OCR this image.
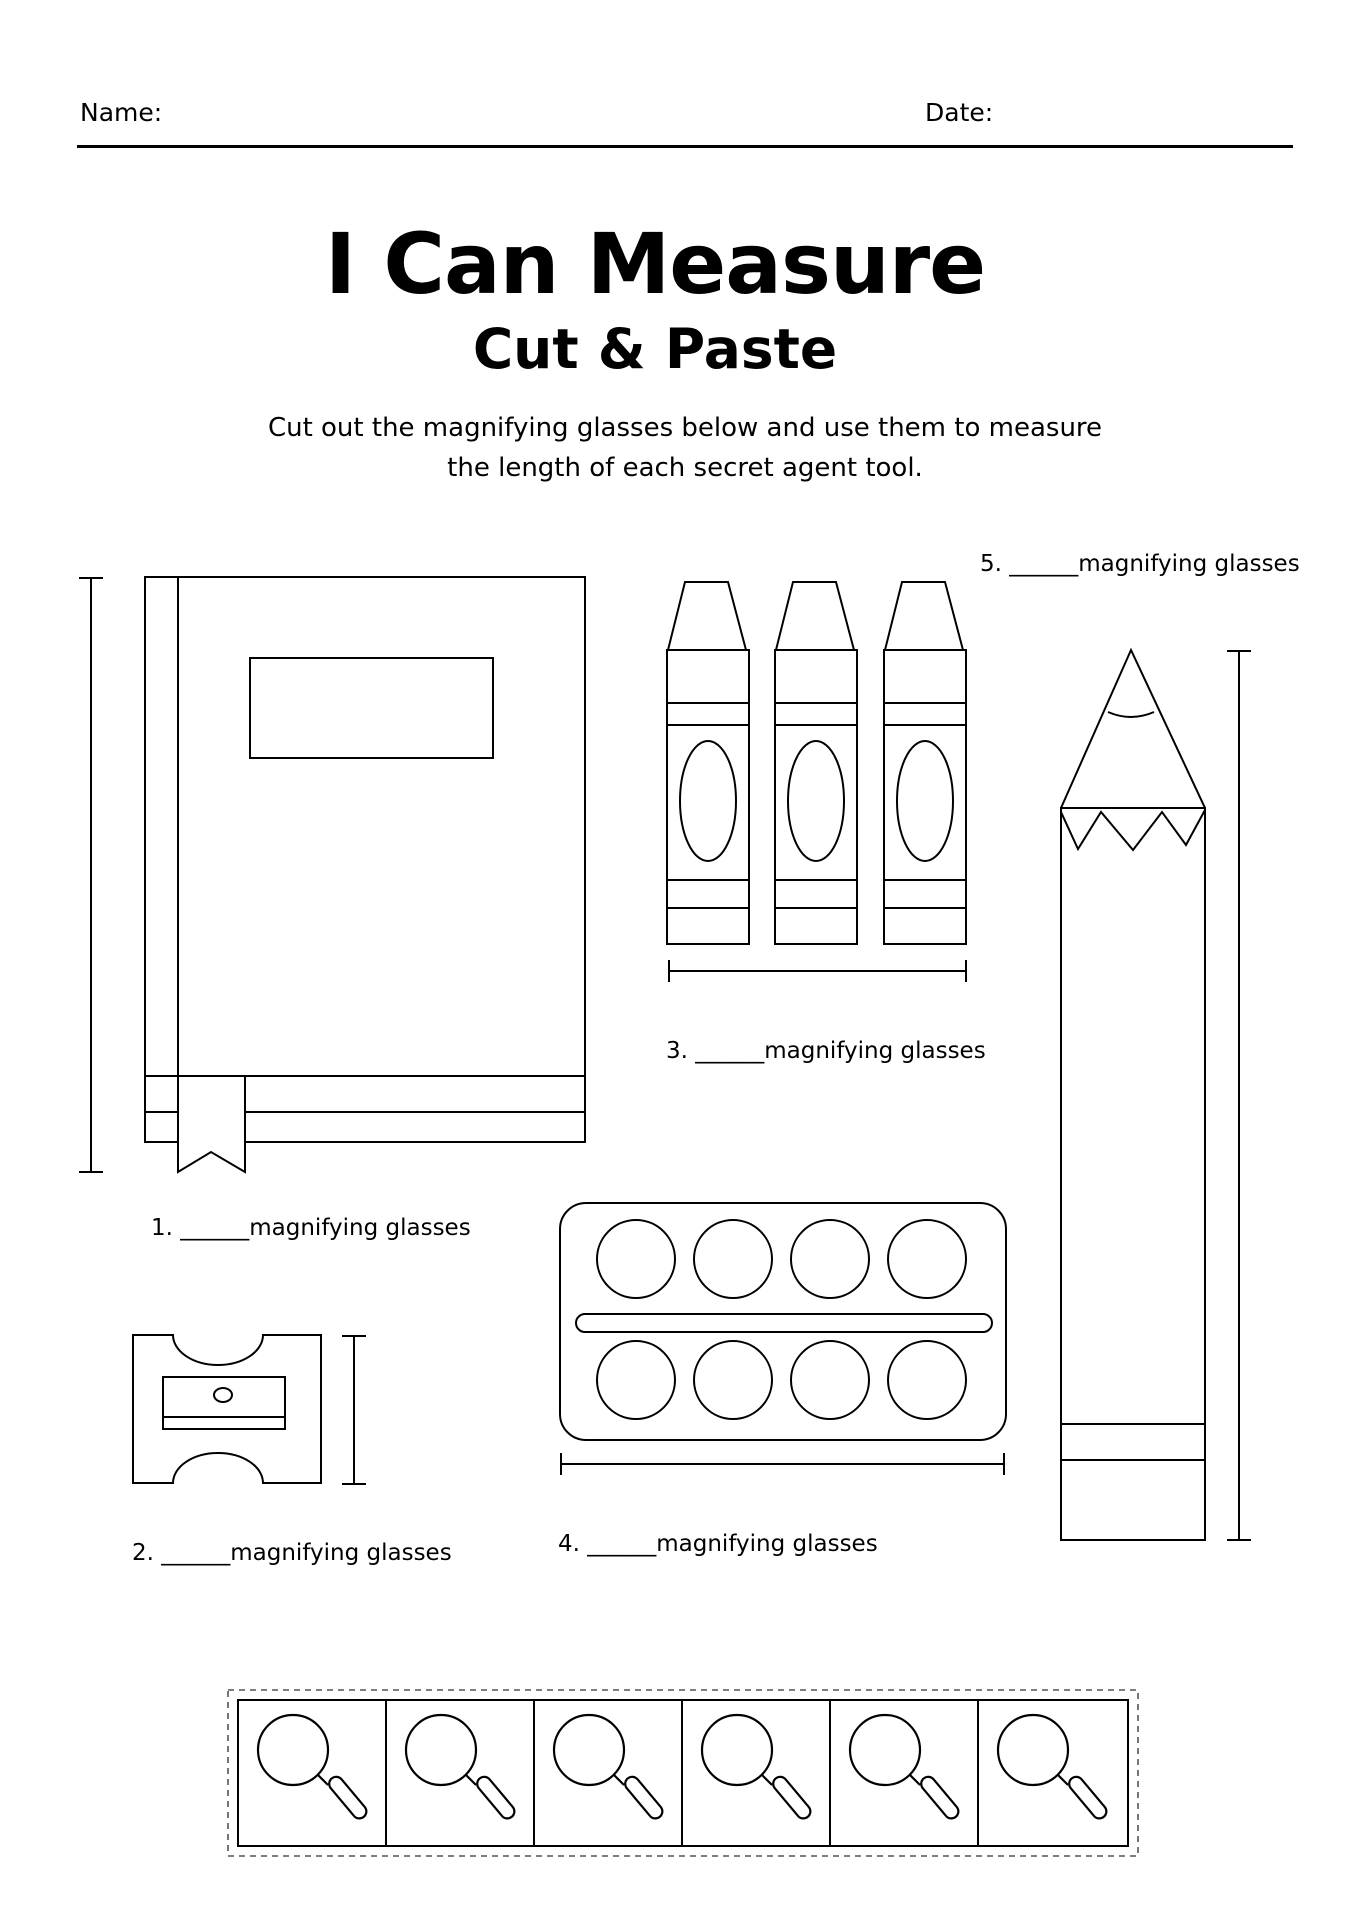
Name:	Date:
I Can Measure
Cut & Paste
Cut out the magnifying glasses below and use them to measure
the length of each secret agent tool.
1. ______magnifying glasses
2. ______magnifying glasses
3. ______magnifying glasses
4. ______magnifying glasses
5. ______magnifying glasses
